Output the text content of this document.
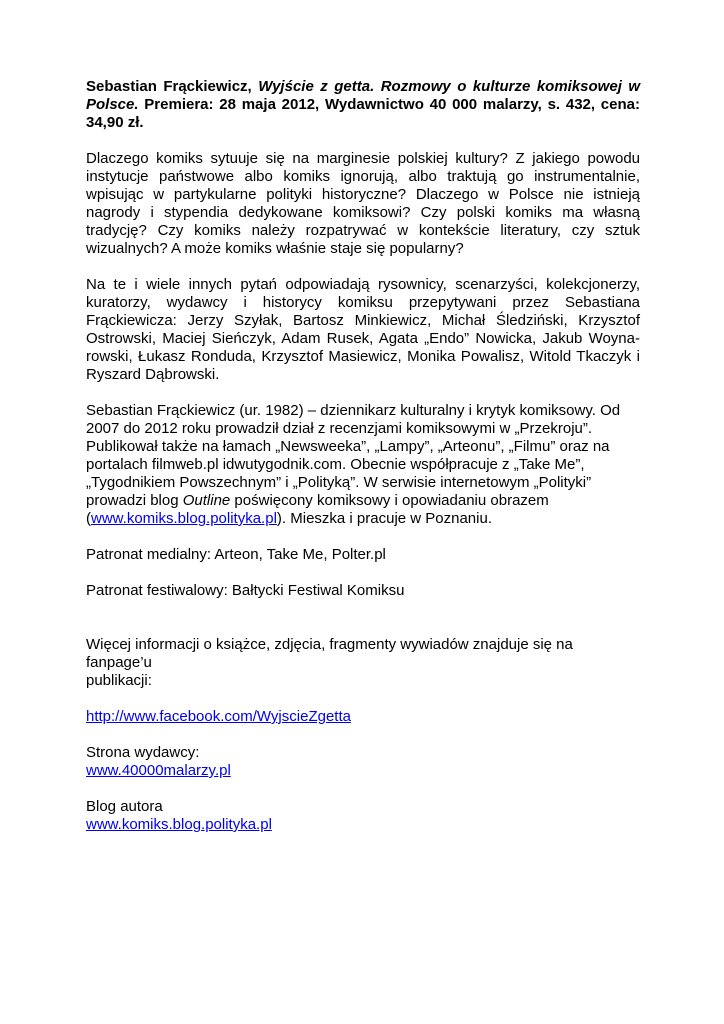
Sebastian Frąckiewicz, Wyjście z getta. Rozmowy o kulturze komiksowej w Polsce. Premiera: 28 maja 2012, Wydawnictwo 40 000 malarzy, s. 432, cena: 34,90 zł.

Dlaczego komiks sytuuje się na marginesie polskiej kultury? Z jakiego powodu instytucje państwowe albo komiks ignorują, albo traktują go instrumentalnie, wpisując w partykularne polityki historyczne? Dlaczego w Polsce nie istnieją nagrody i stypendia dedykowane komiksowi? Czy polski komiks ma własną tradycję? Czy komiks należy rozpatrywać w kontekście literatury, czy sztuk wizualnych? A może komiks właśnie staje się popularny?

Na te i wiele innych pytań odpowiadają rysownicy, scenarzyści, kolekcjonerzy, kuratorzy, wydawcy i historycy komiksu przepytywani przez Sebastiana Frąckiewicza: Jerzy Szyłak, Bartosz Minkiewicz, Michał Śledziński, Krzysztof Ostrowski, Maciej Sieńczyk, Adam Rusek, Agata „Endo” Nowicka, Jakub Woyna-rowski, Łukasz Ronduda, Krzysztof Masiewicz, Monika Powalisz, Witold Tkaczyk i Ryszard Dąbrowski.

Sebastian Frąckiewicz (ur. 1982) – dziennikarz kulturalny i krytyk komiksowy. Od
2007 do 2012 roku prowadził dział z recenzjami komiksowymi w „Przekroju”.
Publikował także na łamach „Newsweeka”, „Lampy”, „Arteonu”, „Filmu” oraz na
portalach filmweb.pl idwutygodnik.com. Obecnie współpracuje z „Take Me”,
„Tygodnikiem Powszechnym” i „Polityką”. W serwisie internetowym „Polityki”
prowadzi blog Outline poświęcony komiksowy i opowiadaniu obrazem
(www.komiks.blog.polityka.pl). Mieszka i pracuje w Poznaniu.

Patronat medialny: Arteon, Take Me, Polter.pl

Patronat festiwalowy: Bałtycki Festiwal Komiksu

Więcej informacji o książce, zdjęcia, fragmenty wywiadów znajduje się na fanpage’u
publikacji:

http://www.facebook.com/WyjscieZgetta

Strona wydawcy:
www.40000malarzy.pl

Blog autora
www.komiks.blog.polityka.pl
